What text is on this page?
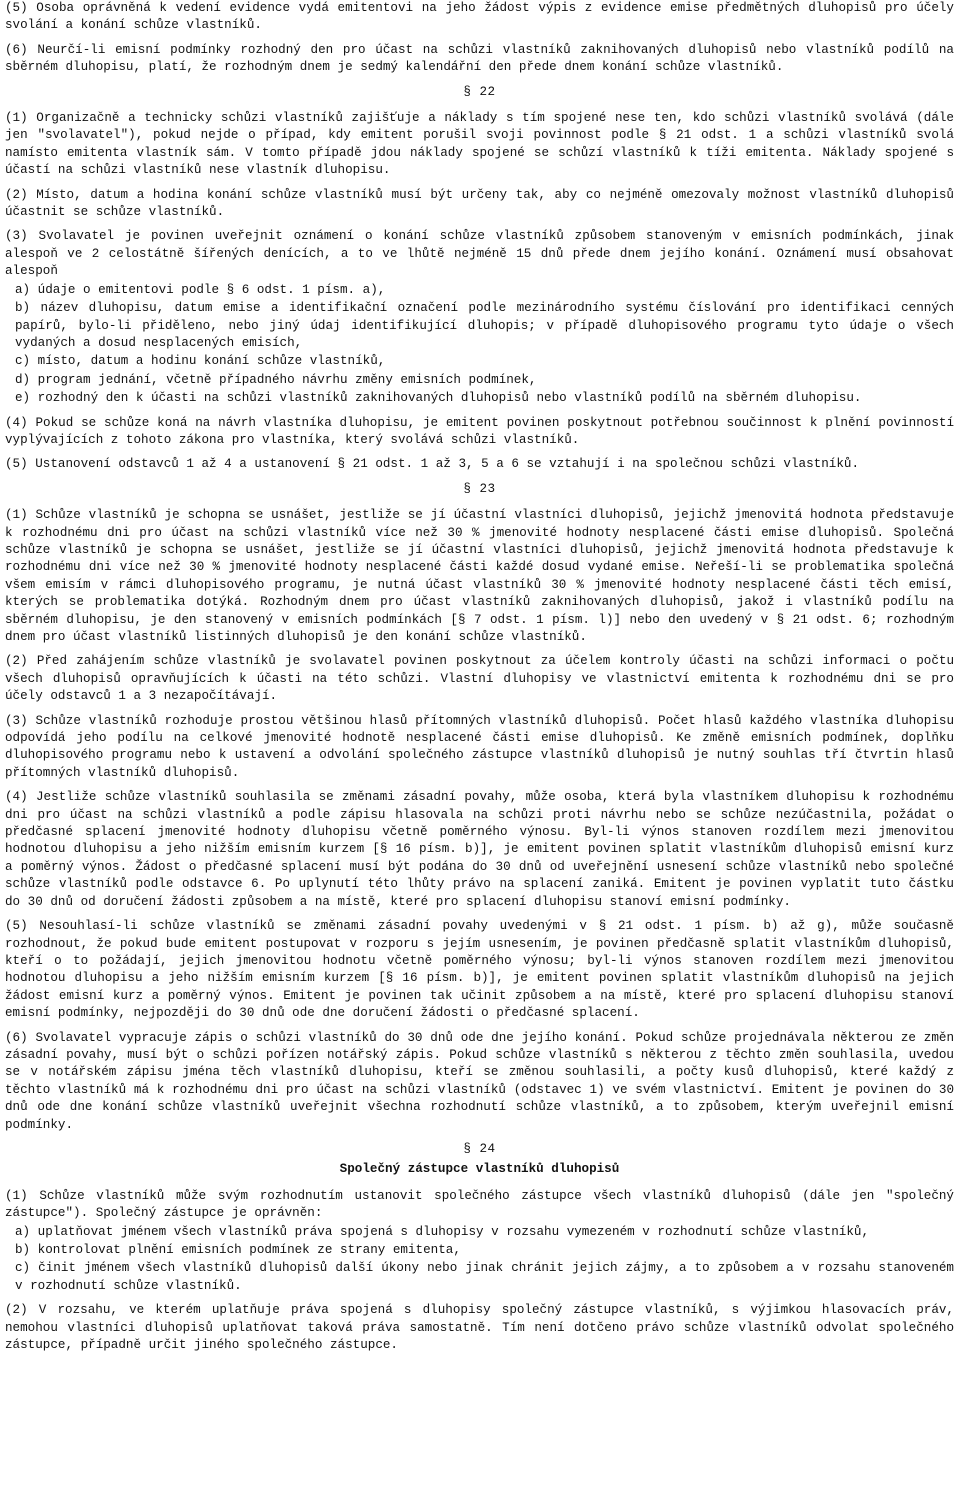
(5) Osoba oprávněná k vedení evidence vydá emitentovi na jeho žádost výpis z evidence emise předmětných dluhopisů pro účely svolání a konání schůze vlastníků.

(6) Neurčí-li emisní podmínky rozhodný den pro účast na schůzi vlastníků zaknihovaných dluhopisů nebo vlastníků podílů na sběrném dluhopisu, platí, že rozhodným dnem je sedmý kalendářní den přede dnem konání schůze vlastníků.

§ 22

(1) Organizačně a technicky schůzi vlastníků zajišťuje a náklady s tím spojené nese ten, kdo schůzi vlastníků svolává (dále jen "svolavatel"), pokud nejde o případ, kdy emitent porušil svoji povinnost podle § 21 odst. 1 a schůzi vlastníků svolá namísto emitenta vlastník sám. V tomto případě jdou náklady spojené se schůzí vlastníků k tíži emitenta. Náklady spojené s účastí na schůzi vlastníků nese vlastník dluhopisu.

(2) Místo, datum a hodina konání schůze vlastníků musí být určeny tak, aby co nejméně omezovaly možnost vlastníků dluhopisů účastnit se schůze vlastníků.

(3) Svolavatel je povinen uveřejnit oznámení o konání schůze vlastníků způsobem stanoveným v emisních podmínkách, jinak alespoň ve 2 celostátně šířených denících, a to ve lhůtě nejméně 15 dnů přede dnem jejího konání. Oznámení musí obsahovat alespoň

a) údaje o emitentovi podle § 6 odst. 1 písm. a),

b) název dluhopisu, datum emise a identifikační označení podle mezinárodního systému číslování pro identifikaci cenných papírů, bylo-li přiděleno, nebo jiný údaj identifikující dluhopis; v případě dluhopisového programu tyto údaje o všech vydaných a dosud nesplacených emisích,

c) místo, datum a hodinu konání schůze vlastníků,

d) program jednání, včetně případného návrhu změny emisních podmínek,

e) rozhodný den k účasti na schůzi vlastníků zaknihovaných dluhopisů nebo vlastníků podílů na sběrném dluhopisu.

(4) Pokud se schůze koná na návrh vlastníka dluhopisu, je emitent povinen poskytnout potřebnou součinnost k plnění povinností vyplývajících z tohoto zákona pro vlastníka, který svolává schůzi vlastníků.

(5) Ustanovení odstavců 1 až 4 a ustanovení § 21 odst. 1 až 3, 5 a 6 se vztahují i na společnou schůzi vlastníků.

§ 23

(1) Schůze vlastníků je schopna se usnášet, jestliže se jí účastní vlastníci dluhopisů, jejichž jmenovitá hodnota představuje k rozhodnému dni pro účast na schůzi vlastníků více než 30 % jmenovité hodnoty nesplacené části emise dluhopisů. Společná schůze vlastníků je schopna se usnášet, jestliže se jí účastní vlastníci dluhopisů, jejichž jmenovitá hodnota představuje k rozhodnému dni více než 30 % jmenovité hodnoty nesplacené části každé dosud vydané emise. Neřeší-li se problematika společná všem emisím v rámci dluhopisového programu, je nutná účast vlastníků 30 % jmenovité hodnoty nesplacené části těch emisí, kterých se problematika dotýká. Rozhodným dnem pro účast vlastníků zaknihovaných dluhopisů, jakož i vlastníků podílu na sběrném dluhopisu, je den stanovený v emisních podmínkách [§ 7 odst. 1 písm. l)] nebo den uvedený v § 21 odst. 6; rozhodným dnem pro účast vlastníků listinných dluhopisů je den konání schůze vlastníků.

(2) Před zahájením schůze vlastníků je svolavatel povinen poskytnout za účelem kontroly účasti na schůzi informaci o počtu všech dluhopisů opravňujících k účasti na této schůzi. Vlastní dluhopisy ve vlastnictví emitenta k rozhodnému dni se pro účely odstavců 1 a 3 nezapočítávají.

(3) Schůze vlastníků rozhoduje prostou většinou hlasů přítomných vlastníků dluhopisů. Počet hlasů každého vlastníka dluhopisu odpovídá jeho podílu na celkové jmenovité hodnotě nesplacené části emise dluhopisů. Ke změně emisních podmínek, doplňku dluhopisového programu nebo k ustavení a odvolání společného zástupce vlastníků dluhopisů je nutný souhlas tří čtvrtin hlasů přítomných vlastníků dluhopisů.

(4) Jestliže schůze vlastníků souhlasila se změnami zásadní povahy, může osoba, která byla vlastníkem dluhopisu k rozhodnému dni pro účast na schůzi vlastníků a podle zápisu hlasovala na schůzi proti návrhu nebo se schůze nezúčastnila, požádat o předčasné splacení jmenovité hodnoty dluhopisu včetně poměrného výnosu. Byl-li výnos stanoven rozdílem mezi jmenovitou hodnotou dluhopisu a jeho nižším emisním kurzem [§ 16 písm. b)], je emitent povinen splatit vlastníkům dluhopisů emisní kurz a poměrný výnos. Žádost o předčasné splacení musí být podána do 30 dnů od uveřejnění usnesení schůze vlastníků nebo společné schůze vlastníků podle odstavce 6. Po uplynutí této lhůty právo na splacení zaniká. Emitent je povinen vyplatit tuto částku do 30 dnů od doručení žádosti způsobem a na místě, které pro splacení dluhopisu stanoví emisní podmínky.

(5) Nesouhlasí-li schůze vlastníků se změnami zásadní povahy uvedenými v § 21 odst. 1 písm. b) až g), může současně rozhodnout, že pokud bude emitent postupovat v rozporu s jejím usnesením, je povinen předčasně splatit vlastníkům dluhopisů, kteří o to požádají, jejich jmenovitou hodnotu včetně poměrného výnosu; byl-li výnos stanoven rozdílem mezi jmenovitou hodnotou dluhopisu a jeho nižším emisním kurzem [§ 16 písm. b)], je emitent povinen splatit vlastníkům dluhopisů na jejich žádost emisní kurz a poměrný výnos. Emitent je povinen tak učinit způsobem a na místě, které pro splacení dluhopisu stanoví emisní podmínky, nejpozději do 30 dnů ode dne doručení žádosti o předčasné splacení.

(6) Svolavatel vypracuje zápis o schůzi vlastníků do 30 dnů ode dne jejího konání. Pokud schůze projednávala některou ze změn zásadní povahy, musí být o schůzi pořízen notářský zápis. Pokud schůze vlastníků s některou z těchto změn souhlasila, uvedou se v notářském zápisu jména těch vlastníků dluhopisu, kteří se změnou souhlasili, a počty kusů dluhopisů, které každý z těchto vlastníků má k rozhodnému dni pro účast na schůzi vlastníků (odstavec 1) ve svém vlastnictví. Emitent je povinen do 30 dnů ode dne konání schůze vlastníků uveřejnit všechna rozhodnutí schůze vlastníků, a to způsobem, kterým uveřejnil emisní podmínky.

§ 24
Společný zástupce vlastníků dluhopisů

(1) Schůze vlastníků může svým rozhodnutím ustanovit společného zástupce všech vlastníků dluhopisů (dále jen "společný zástupce"). Společný zástupce je oprávněn:

a) uplatňovat jménem všech vlastníků práva spojená s dluhopisy v rozsahu vymezeném v rozhodnutí schůze vlastníků,

b) kontrolovat plnění emisních podmínek ze strany emitenta,

c) činit jménem všech vlastníků dluhopisů další úkony nebo jinak chránit jejich zájmy, a to způsobem a v rozsahu stanoveném v rozhodnutí schůze vlastníků.

(2) V rozsahu, ve kterém uplatňuje práva spojená s dluhopisy společný zástupce vlastníků, s výjimkou hlasovacích práv, nemohou vlastníci dluhopisů uplatňovat taková práva samostatně. Tím není dotčeno právo schůze vlastníků odvolat společného zástupce, případně určit jiného společného zástupce.
